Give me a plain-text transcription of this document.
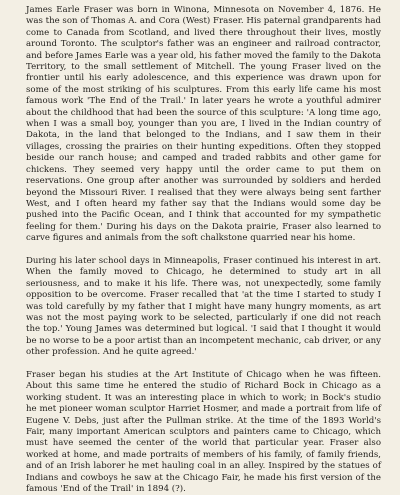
James Earle Fraser was born in Winona, Minnesota on November 4, 1876. He was the son of Thomas A. and Cora (West) Fraser. His paternal grandparents had come to Canada from Scotland, and lived there throughout their lives, mostly around Toronto. The sculptor's father was an engineer and railroad contractor, and before James Earle was a year old, his father moved the family to the Dakota Territory, to the small settlement of Mitchell. The young Fraser lived on the frontier until his early adolescence, and this experience was drawn upon for some of the most striking of his sculptures. From this early life came his most famous work 'The End of the Trail.' In later years he wrote a youthful admirer about the childhood that had been the source of this sculpture: 'A long time ago, when I was a small boy, younger than you are, I lived in the Indian country of Dakota, in the land that belonged to the Indians, and I saw them in their villages, crossing the prairies on their hunting expeditions. Often they stopped beside our ranch house; and camped and traded rabbits and other game for chickens. They seemed very happy until the order came to put them on reservations. One group after another was surrounded by soldiers and herded beyond the Missouri River. I realised that they were always being sent farther West, and I often heard my father say that the Indians would some day be pushed into the Pacific Ocean, and I think that accounted for my sympathetic feeling for them.' During his days on the Dakota prairie, Fraser also learned to carve figures and animals from the soft chalkstone quarried near his home.

During his later school days in Minneapolis, Fraser continued his interest in art. When the family moved to Chicago, he determined to study art in all seriousness, and to make it his life. There was, not unexpectedly, some family opposition to be overcome. Fraser recalled that 'at the time I started to study I was told carefully by my father that I might have many hungry moments, as art was not the most paying work to be selected, particularly if one did not reach the top.' Young James was determined but logical. 'I said that I thought it would be no worse to be a poor artist than an incompetent mechanic, cab driver, or any other profession. And he quite agreed.'

Fraser began his studies at the Art Institute of Chicago when he was fifteen. About this same time he entered the studio of Richard Bock in Chicago as a working student. It was an interesting place in which to work; in Bock's studio he met pioneer woman sculptor Harriet Hosmer, and made a portrait from life of Eugene V. Debs, just after the Pullman strike. At the time of the 1893 World's Fair, many important American sculptors and painters came to Chicago, which must have seemed the center of the world that particular year. Fraser also worked at home, and made portraits of members of his family, of family friends, and of an Irish laborer he met hauling coal in an alley. Inspired by the statues of Indians and cowboys he saw at the Chicago Fair, he made his first version of the famous 'End of the Trail' in 1894 (?).
